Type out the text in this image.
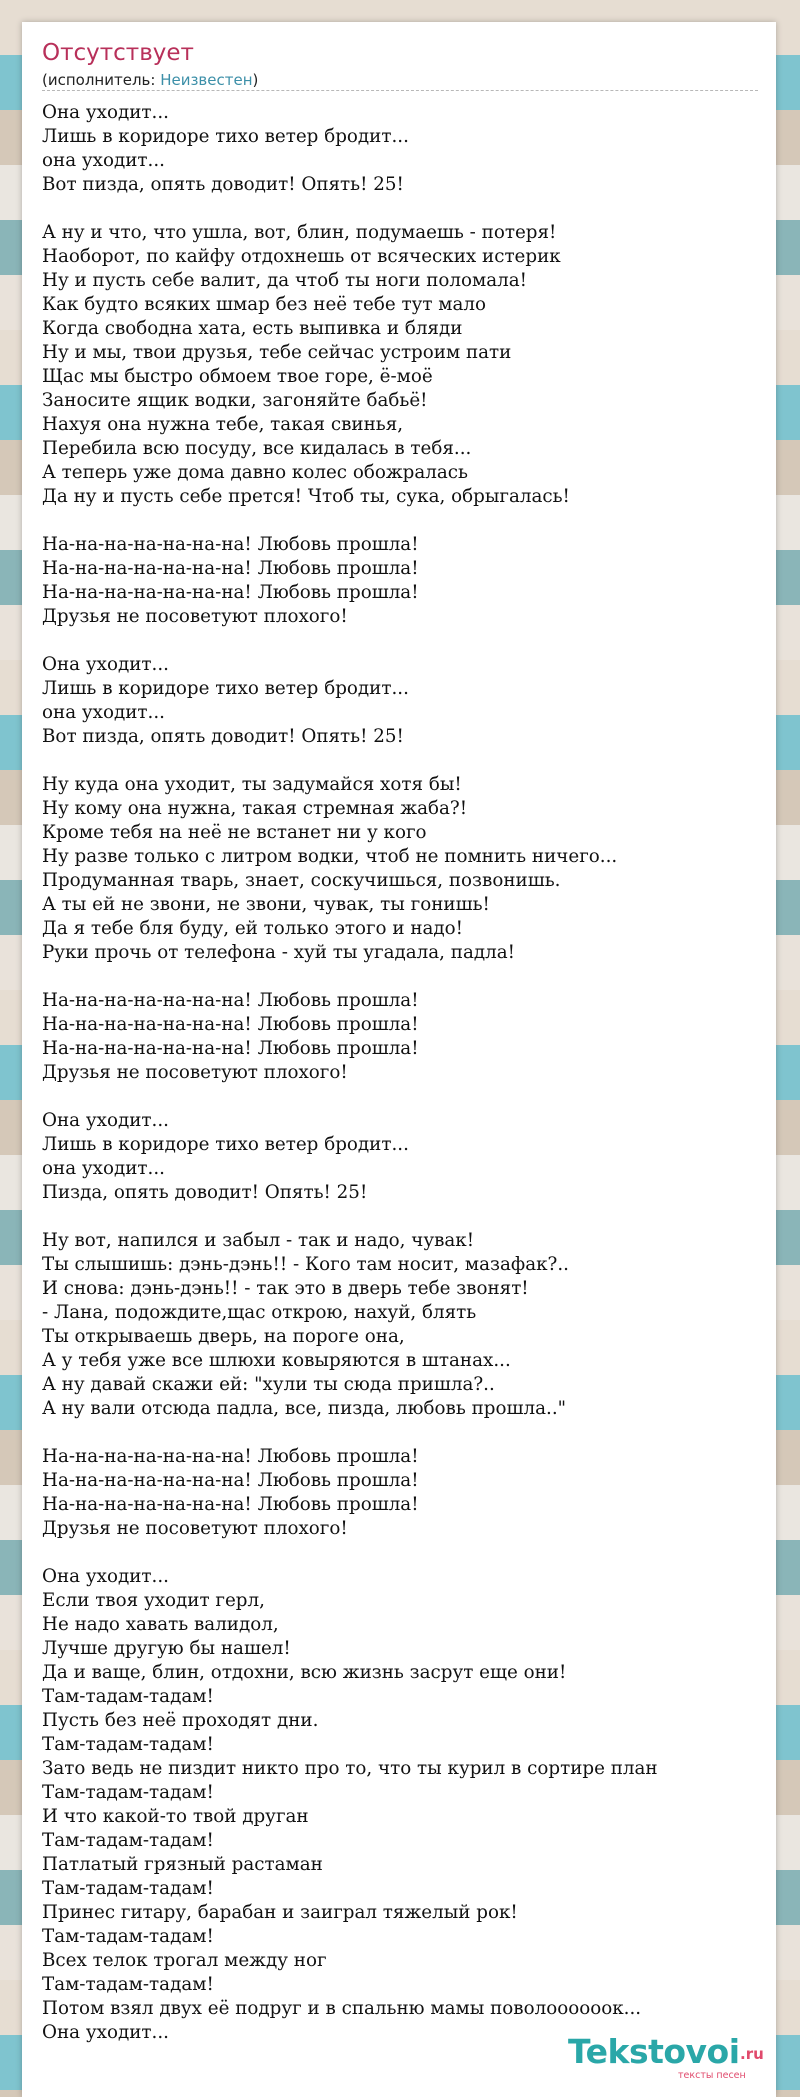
Отсутствует
(исполнитель: Неизвестен)
Она уходит...
Лишь в коридоре тихо ветер бродит...
она уходит...
Вот пизда, опять доводит! Опять! 25!
А ну и что, что ушла, вот, блин, подумаешь - потеря!
Наоборот, по кайфу отдохнешь от всяческих истерик
Ну и пусть себе валит, да чтоб ты ноги поломала!
Как будто всяких шмар без неё тебе тут мало
Когда свободна хата, есть выпивка и бляди
Ну и мы, твои друзья, тебе сейчас устроим пати
Щас мы быстро обмоем твое горе, ё-моё
Заносите ящик водки, загоняйте бабьё!
Нахуя она нужна тебе, такая свинья,
Перебила всю посуду, все кидалась в тебя...
А теперь уже дома давно колес обожралась
Да ну и пусть себе прется! Чтоб ты, сука, обрыгалась!
На-на-на-на-на-на-на! Любовь прошла!
На-на-на-на-на-на-на! Любовь прошла!
На-на-на-на-на-на-на! Любовь прошла!
Друзья не посоветуют плохого!
Она уходит...
Лишь в коридоре тихо ветер бродит...
она уходит...
Вот пизда, опять доводит! Опять! 25!
Ну куда она уходит, ты задумайся хотя бы!
Ну кому она нужна, такая стремная жаба?!
Кроме тебя на неё не встанет ни у кого
Ну разве только с литром водки, чтоб не помнить ничего...
Продуманная тварь, знает, соскучишься, позвонишь.
А ты ей не звони, не звони, чувак, ты гонишь!
Да я тебе бля буду, ей только этого и надо!
Руки прочь от телефона - хуй ты угадала, падла!
На-на-на-на-на-на-на! Любовь прошла!
На-на-на-на-на-на-на! Любовь прошла!
На-на-на-на-на-на-на! Любовь прошла!
Друзья не посоветуют плохого!
Она уходит...
Лишь в коридоре тихо ветер бродит...
она уходит...
Пизда, опять доводит! Опять! 25!
Ну вот, напился и забыл - так и надо, чувак!
Ты слышишь: дэнь-дэнь!! - Кого там носит, мазафак?..
И снова: дэнь-дэнь!! - так это в дверь тебе звонят!
- Лана, подождите,щас открою, нахуй, блять
Ты открываешь дверь, на пороге она,
А у тебя уже все шлюхи ковыряются в штанах...
А ну давай скажи ей: "хули ты сюда пришла?..
А ну вали отсюда падла, все, пизда, любовь прошла.."
На-на-на-на-на-на-на! Любовь прошла!
На-на-на-на-на-на-на! Любовь прошла!
На-на-на-на-на-на-на! Любовь прошла!
Друзья не посоветуют плохого!
Она уходит...
Если твоя уходит герл,
Не надо хавать валидол,
Лучше другую бы нашел!
Да и ваще, блин, отдохни, всю жизнь засрут еще они!
Там-тадам-тадам!
Пусть без неё проходят дни.
Там-тадам-тадам!
Зато ведь не пиздит никто про то, что ты курил в сортире план
Там-тадам-тадам!
И что какой-то твой друган
Там-тадам-тадам!
Патлатый грязный растаман
Там-тадам-тадам!
Принес гитару, барабан и заиграл тяжелый рок!
Там-тадам-тадам!
Всех телок трогал между ног
Там-тадам-тадам!
Потом взял двух её подруг и в спальню мамы поволоооооок...
Она уходит...	Tekstovoi .ru
тексты песен
